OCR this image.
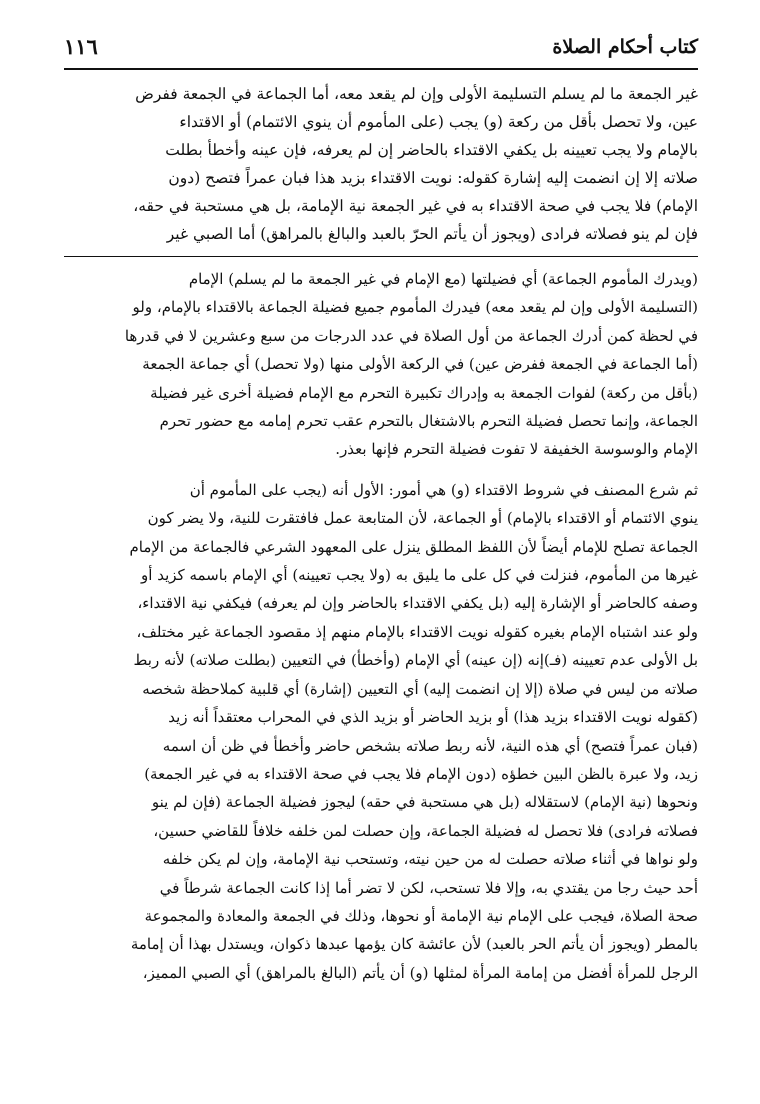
كتاب أحكام الصلاة
١١٦
غير الجمعة ما لم يسلم التسليمة الأولى وإن لم يقعد معه، أما الجماعة في الجمعة ففرض
عين، ولا تحصل بأقل من ركعة (و) يجب (على المأموم أن ينوي الائتمام) أو الاقتداء
بالإمام ولا يجب تعيينه بل يكفي الاقتداء بالحاضر إن لم يعرفه، فإن عينه وأخطأ بطلت
صلاته إلا إن انضمت إليه إشارة كقوله: نويت الاقتداء بزيد هذا فبان عمراً فتصح (دون
الإمام) فلا يجب في صحة الاقتداء به في غير الجمعة نية الإمامة، بل هي مستحبة في حقه،
فإن لم ينو فصلاته فرادى (ويجوز أن يأتم الحرّ بالعبد والبالغ بالمراهق) أما الصبي غير
(ويدرك المأموم الجماعة) أي فضيلتها (مع الإمام في غير الجمعة ما لم يسلم) الإمام
(التسليمة الأولى وإن لم يقعد معه) فيدرك المأموم جميع فضيلة الجماعة بالاقتداء بالإمام، ولو
في لحظة كمن أدرك الجماعة من أول الصلاة في عدد الدرجات من سبع وعشرين لا في قدرها
(أما الجماعة في الجمعة ففرض عين) في الركعة الأولى منها (ولا تحصل) أي جماعة الجمعة
(بأقل من ركعة) لفوات الجمعة به وإدراك تكبيرة التحرم مع الإمام فضيلة أخرى غير فضيلة
الجماعة، وإنما تحصل فضيلة التحرم بالاشتغال بالتحرم عقب تحرم إمامه مع حضور تحرم
الإمام والوسوسة الخفيفة لا تفوت فضيلة التحرم فإنها بعذر.
ثم شرع المصنف في شروط الاقتداء (و) هي أمور: الأول أنه (يجب على المأموم أن
ينوي الائتمام أو الاقتداء بالإمام) أو الجماعة، لأن المتابعة عمل فافتقرت للنية، ولا يضر كون
الجماعة تصلح للإمام أيضاً لأن اللفظ المطلق ينزل على المعهود الشرعي فالجماعة من الإمام
غيرها من المأموم، فنزلت في كل على ما يليق به (ولا يجب تعيينه) أي الإمام باسمه كزيد أو
وصفه كالحاضر أو الإشارة إليه (بل يكفي الاقتداء بالحاضر وإن لم يعرفه) فيكفي نية الاقتداء،
ولو عند اشتباه الإمام بغيره كقوله نويت الاقتداء بالإمام منهم إذ مقصود الجماعة غير مختلف،
بل الأولى عدم تعيينه (فـ)إنه (إن عينه) أي الإمام (وأخطأ) في التعيين (بطلت صلاته) لأنه ربط
صلاته من ليس في صلاة (إلا إن انضمت إليه) أي التعيين (إشارة) أي قلبية كملاحظة شخصه
(كقوله نويت الاقتداء بزيد هذا) أو بزيد الحاضر أو بزيد الذي في المحراب معتقداً أنه زيد
(فبان عمراً فتصح) أي هذه النية، لأنه ربط صلاته بشخص حاضر وأخطأ في ظن أن اسمه
زيد، ولا عبرة بالظن البين خطؤه (دون الإمام فلا يجب في صحة الاقتداء به في غير الجمعة)
ونحوها (نية الإمام) لاستقلاله (بل هي مستحبة في حقه) ليجوز فضيلة الجماعة (فإن لم ينو
فصلاته فرادى) فلا تحصل له فضيلة الجماعة، وإن حصلت لمن خلفه خلافاً للقاضي حسين،
ولو نواها في أثناء صلاته حصلت له من حين نيته، وتستحب نية الإمامة، وإن لم يكن خلفه
أحد حيث رجا من يقتدي به، وإلا فلا تستحب، لكن لا تضر أما إذا كانت الجماعة شرطاً في
صحة الصلاة، فيجب على الإمام نية الإمامة أو نحوها، وذلك في الجمعة والمعادة والمجموعة
بالمطر (ويجوز أن يأتم الحر بالعبد) لأن عائشة كان يؤمها عبدها ذكوان، ويستدل بهذا أن إمامة
الرجل للمرأة أفضل من إمامة المرأة لمثلها (و) أن يأتم (البالغ بالمراهق) أي الصبي المميز،
